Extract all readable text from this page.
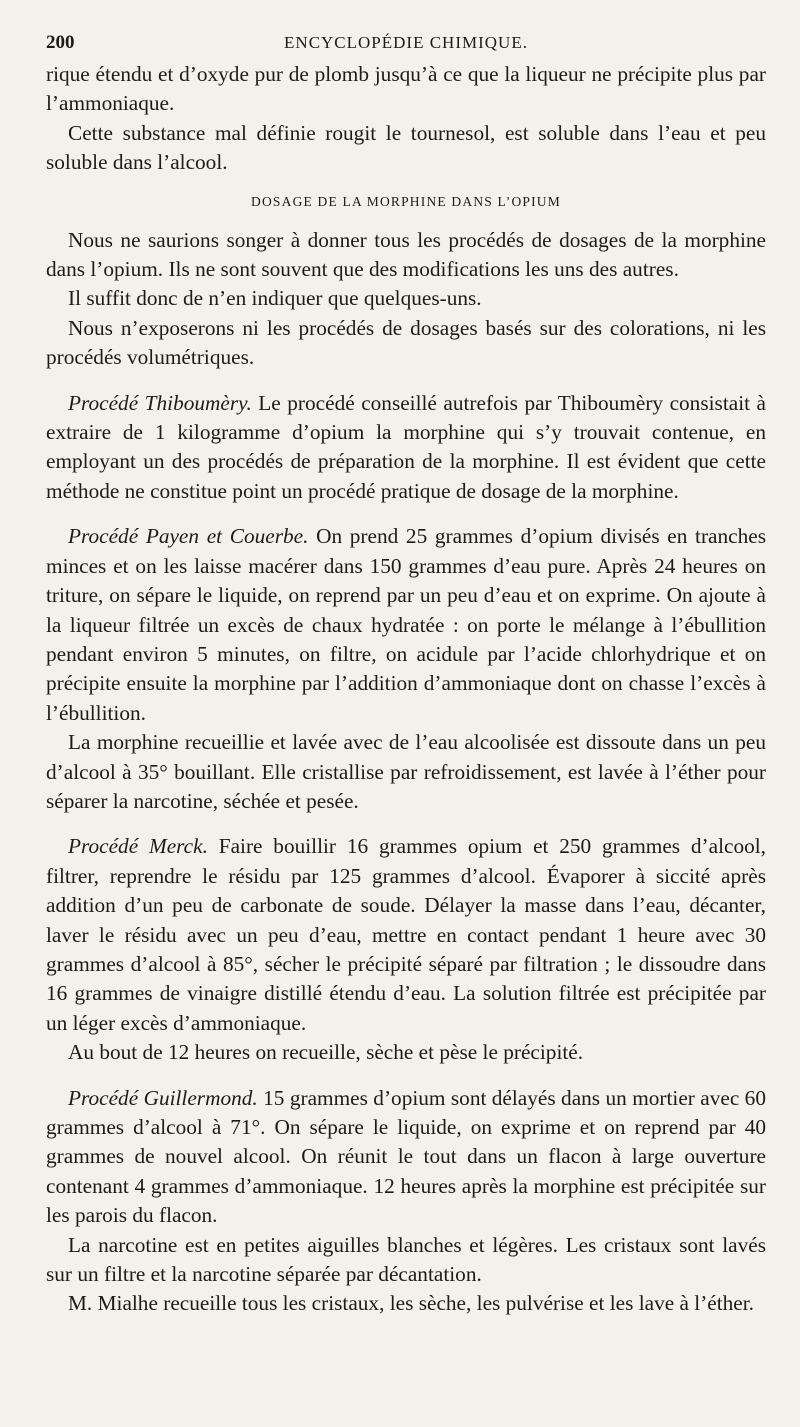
200	ENCYCLOPÉDIE CHIMIQUE.

rique étendu et d’oxyde pur de plomb jusqu’à ce que la liqueur ne précipite plus par l’ammoniaque.

Cette substance mal définie rougit le tournesol, est soluble dans l’eau et peu soluble dans l’alcool.

DOSAGE DE LA MORPHINE DANS L’OPIUM

Nous ne saurions songer à donner tous les procédés de dosages de la morphine dans l’opium. Ils ne sont souvent que des modifications les uns des autres.

Il suffit donc de n’en indiquer que quelques-uns.

Nous n’exposerons ni les procédés de dosages basés sur des colorations, ni les procédés volumétriques.

Procédé Thiboumèry. Le procédé conseillé autrefois par Thiboumèry consistait à extraire de 1 kilogramme d’opium la morphine qui s’y trouvait contenue, en employant un des procédés de préparation de la morphine. Il est évident que cette méthode ne constitue point un procédé pratique de dosage de la morphine.

Procédé Payen et Couerbe. On prend 25 grammes d’opium divisés en tranches minces et on les laisse macérer dans 150 grammes d’eau pure. Après 24 heures on triture, on sépare le liquide, on reprend par un peu d’eau et on exprime. On ajoute à la liqueur filtrée un excès de chaux hydratée : on porte le mélange à l’ébullition pendant environ 5 minutes, on filtre, on acidule par l’acide chlorhydrique et on précipite ensuite la morphine par l’addition d’ammoniaque dont on chasse l’excès à l’ébullition.

La morphine recueillie et lavée avec de l’eau alcoolisée est dissoute dans un peu d’alcool à 35° bouillant. Elle cristallise par refroidissement, est lavée à l’éther pour séparer la narcotine, séchée et pesée.

Procédé Merck. Faire bouillir 16 grammes opium et 250 grammes d’alcool, filtrer, reprendre le résidu par 125 grammes d’alcool. Évaporer à siccité après addition d’un peu de carbonate de soude. Délayer la masse dans l’eau, décanter, laver le résidu avec un peu d’eau, mettre en contact pendant 1 heure avec 30 grammes d’alcool à 85°, sécher le précipité séparé par filtration ; le dissoudre dans 16 grammes de vinaigre distillé étendu d’eau. La solution filtrée est précipitée par un léger excès d’ammoniaque.

Au bout de 12 heures on recueille, sèche et pèse le précipité.

Procédé Guillermond. 15 grammes d’opium sont délayés dans un mortier avec 60 grammes d’alcool à 71°. On sépare le liquide, on exprime et on reprend par 40 grammes de nouvel alcool. On réunit le tout dans un flacon à large ouverture contenant 4 grammes d’ammoniaque. 12 heures après la morphine est précipitée sur les parois du flacon.

La narcotine est en petites aiguilles blanches et légères. Les cristaux sont lavés sur un filtre et la narcotine séparée par décantation.

M. Mialhe recueille tous les cristaux, les sèche, les pulvérise et les lave à l’éther.
